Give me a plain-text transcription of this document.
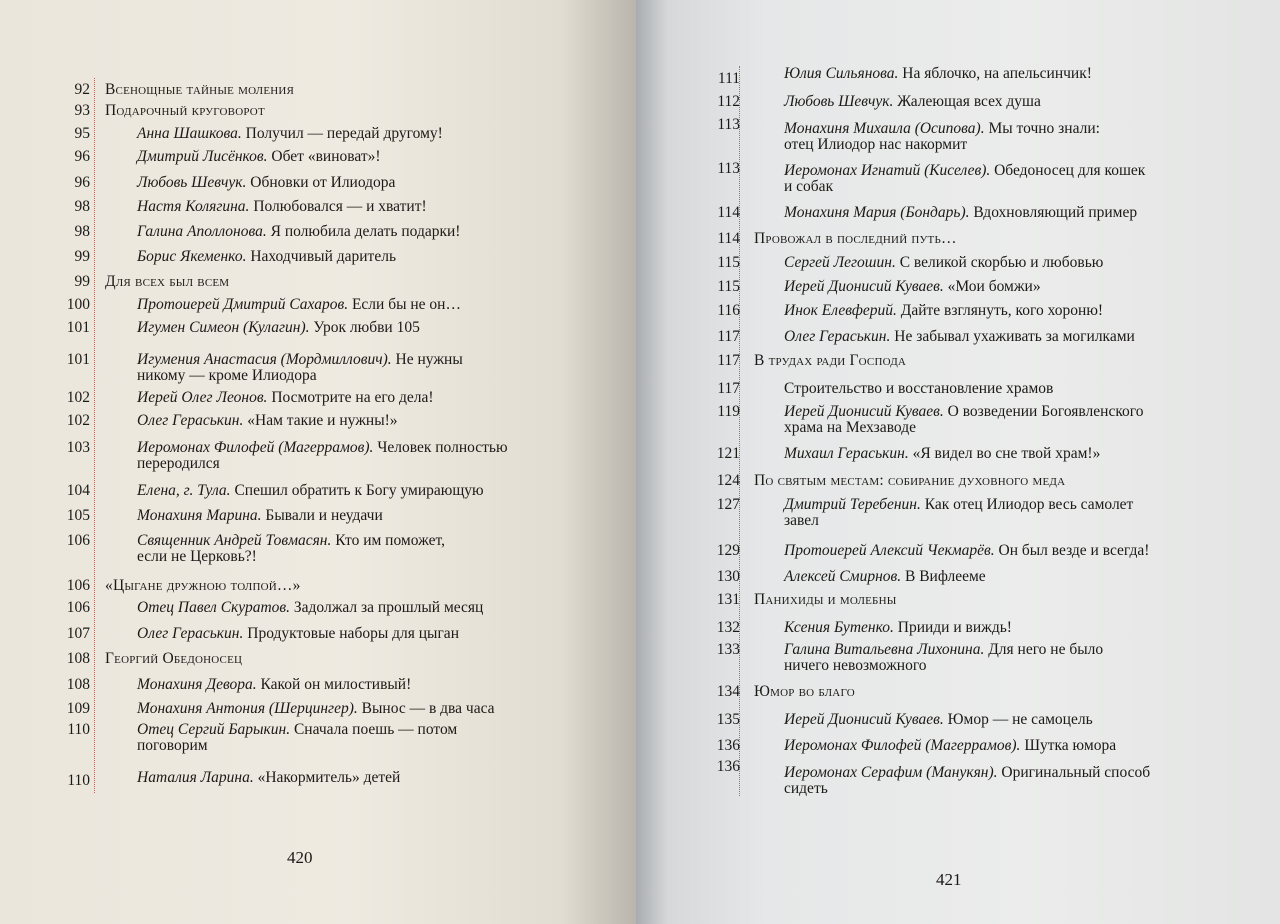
92 Всенощные тайные моления
93 Подарочный круговорот
95	Анна Шашкова. Получил — передай другому!
96	Дмитрий Лисёнков. Обет «виноват»!
96	Любовь Шевчук. Обновки от Илиодора
98	Настя Колягина. Полюбовался — и хватит!
98	Галина Аполлонова. Я полюбила делать подарки!
99	Борис Якеменко. Находчивый даритель
99 Для всех был всем
100	Протоиерей Дмитрий Сахаров. Если бы не он…
101	Игумен Симеон (Кулагин). Урок любви 105
101	Игумения Анастасия (Мордмиллович). Не нужны
никому — кроме Илиодора
102	Иерей Олег Леонов. Посмотрите на его дела!
102	Олег Гераськин. «Нам такие и нужны!»
103	Иеромонах Филофей (Магеррамов). Человек полностью
переродился
104	Елена, г. Тула. Спешил обратить к Богу умирающую
105	Монахиня Марина. Бывали и неудачи
106	Священник Андрей Товмасян. Кто им поможет,
если не Церковь?!
106 «Цыгане дружною толпой…»
106	Отец Павел Скуратов. Задолжал за прошлый месяц
107	Олег Гераськин. Продуктовые наборы для цыган
108 Георгий Обедоносец
108	Монахиня Девора. Какой он милостивый!
109	Монахиня Антония (Шерцингер). Вынос — в два часа
110	Отец Сергий Барыкин. Сначала поешь — потом
поговорим
110	Наталия Ларина. «Накормитель» детей
420
111	Юлия Сильянова. На яблочко, на апельсинчик!
112	Любовь Шевчук. Жалеющая всех душа
113	Монахиня Михаила (Осипова). Мы точно знали:
отец Илиодор нас накормит
113	Иеромонах Игнатий (Киселев). Обедоносец для кошек
и собак
114	Монахиня Мария (Бондарь). Вдохновляющий пример
114 Провожал в последний путь…
115	Сергей Легошин. С великой скорбью и любовью
115	Иерей Дионисий Куваев. «Мои бомжи»
116	Инок Елевферий. Дайте взглянуть, кого хороню!
117	Олег Гераськин. Не забывал ухаживать за могилками
117 В трудах ради Господа
117	Строительство и восстановление храмов
119	Иерей Дионисий Куваев. О возведении Богоявленского
храма на Мехзаводе
121	Михаил Гераськин. «Я видел во сне твой храм!»
124 По святым местам: собирание духовного меда
127	Дмитрий Теребенин. Как отец Илиодор весь самолет
завел
129	Протоиерей Алексий Чекмарёв. Он был везде и всегда!
130	Алексей Смирнов. В Вифлееме
131 Панихиды и молебны
132	Ксения Бутенко. Прииди и виждь!
133	Галина Витальевна Лихонина. Для него не было
ничего невозможного
134 Юмор во благо
135	Иерей Дионисий Куваев. Юмор — не самоцель
136	Иеромонах Филофей (Магеррамов). Шутка юмора
136	Иеромонах Серафим (Манукян). Оригинальный способ
сидеть
421
